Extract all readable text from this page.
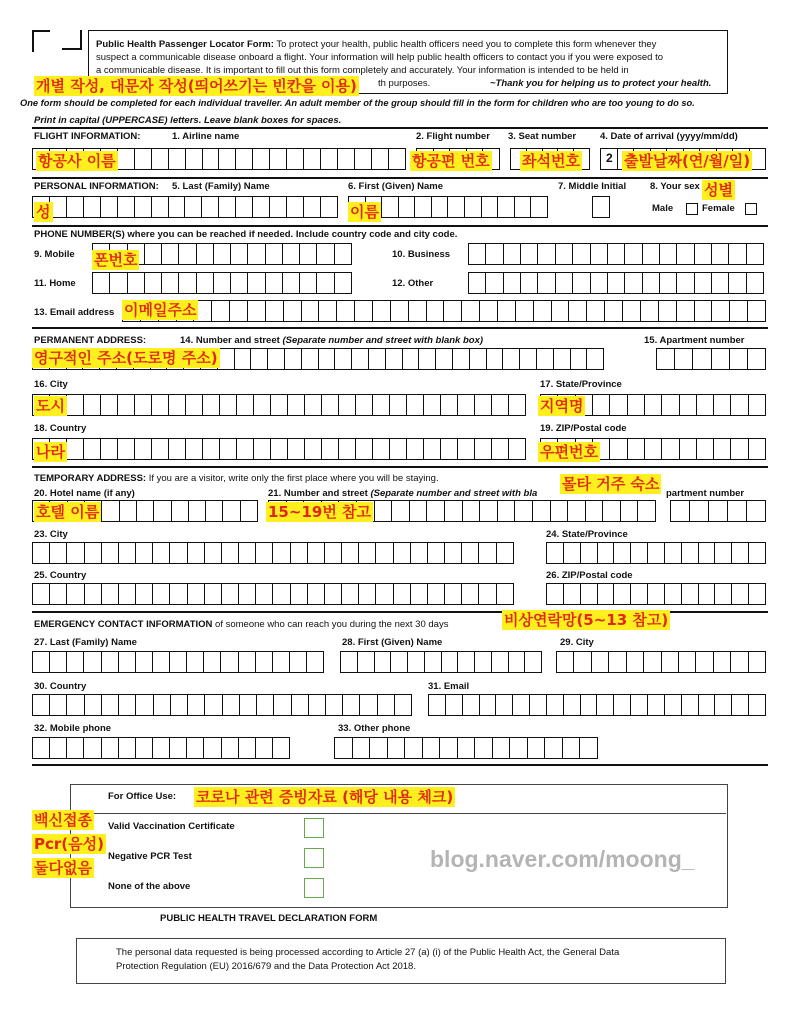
Public Health Passenger Locator Form: To protect your health, public health officers need you to complete this form whenever they
suspect a communicable disease onboard a flight. Your information will help public health officers to contact you if you were exposed to
a communicable disease. It is important to fill out this form completely and accurately. Your information is intended to be held in
th purposes.	~Thank you for helping us to protect your health.
One form should be completed for each individual traveller. An adult member of the group should fill in the form for children who are too young to do so.
Print in capital (UPPERCASE) letters. Leave blank boxes for spaces.
FLIGHT INFORMATION:	1. Airline name	2. Flight number 3. Seat number	4. Date of arrival (yyyy/mm/dd)
2
PERSONAL INFORMATION: 5. Last (Family) Name	6. First (Given) Name	7. Middle Initial	8. Your sex
Male	Female
PHONE NUMBER(S) where you can be reached if needed. Include country code and city code.
9. Mobile	10. Business
11. Home	12. Other
13. Email address
PERMANENT ADDRESS:	14. Number and street (Separate number and street with blank box)	15. Apartment number
16. City	17. State/Province
18. Country	19. ZIP/Postal code
TEMPORARY ADDRESS: If you are a visitor, write only the first place where you will be staying.
20. Hotel name (if any)	21. Number and street (Separate number and street with bla	partment number
23. City	24. State/Province
25. Country	26. ZIP/Postal code
EMERGENCY CONTACT INFORMATION of someone who can reach you during the next 30 days
27. Last (Family) Name	28. First (Given) Name	29. City
30. Country	31. Email
32. Mobile phone	33. Other phone
For Office Use:
Valid Vaccination Certificate
Negative PCR Test
None of the above
blog.naver.com/moong_
PUBLIC HEALTH TRAVEL DECLARATION FORM
The personal data requested is being processed according to Article 27 (a) (i) of the Public Health Act, the General Data
Protection Regulation (EU) 2016/679 and the Data Protection Act 2018.
개별 작성, 대문자 작성(띄어쓰기는 빈칸을 이용)
항공사 이름	항공편 번호 좌석번호	출발날짜(연/월/일)
성별
성	이름
폰번호
이메일주소
영구적인 주소(도로명 주소)
도시	지역명
나라	우편번호
몰타 거주 숙소
호텔 이름	15~19번 참고
비상연락망(5~13 참고)
코로나 관련 증빙자료 (해당 내용 체크)
백신접종
Pcr(음성)
둘다없음
